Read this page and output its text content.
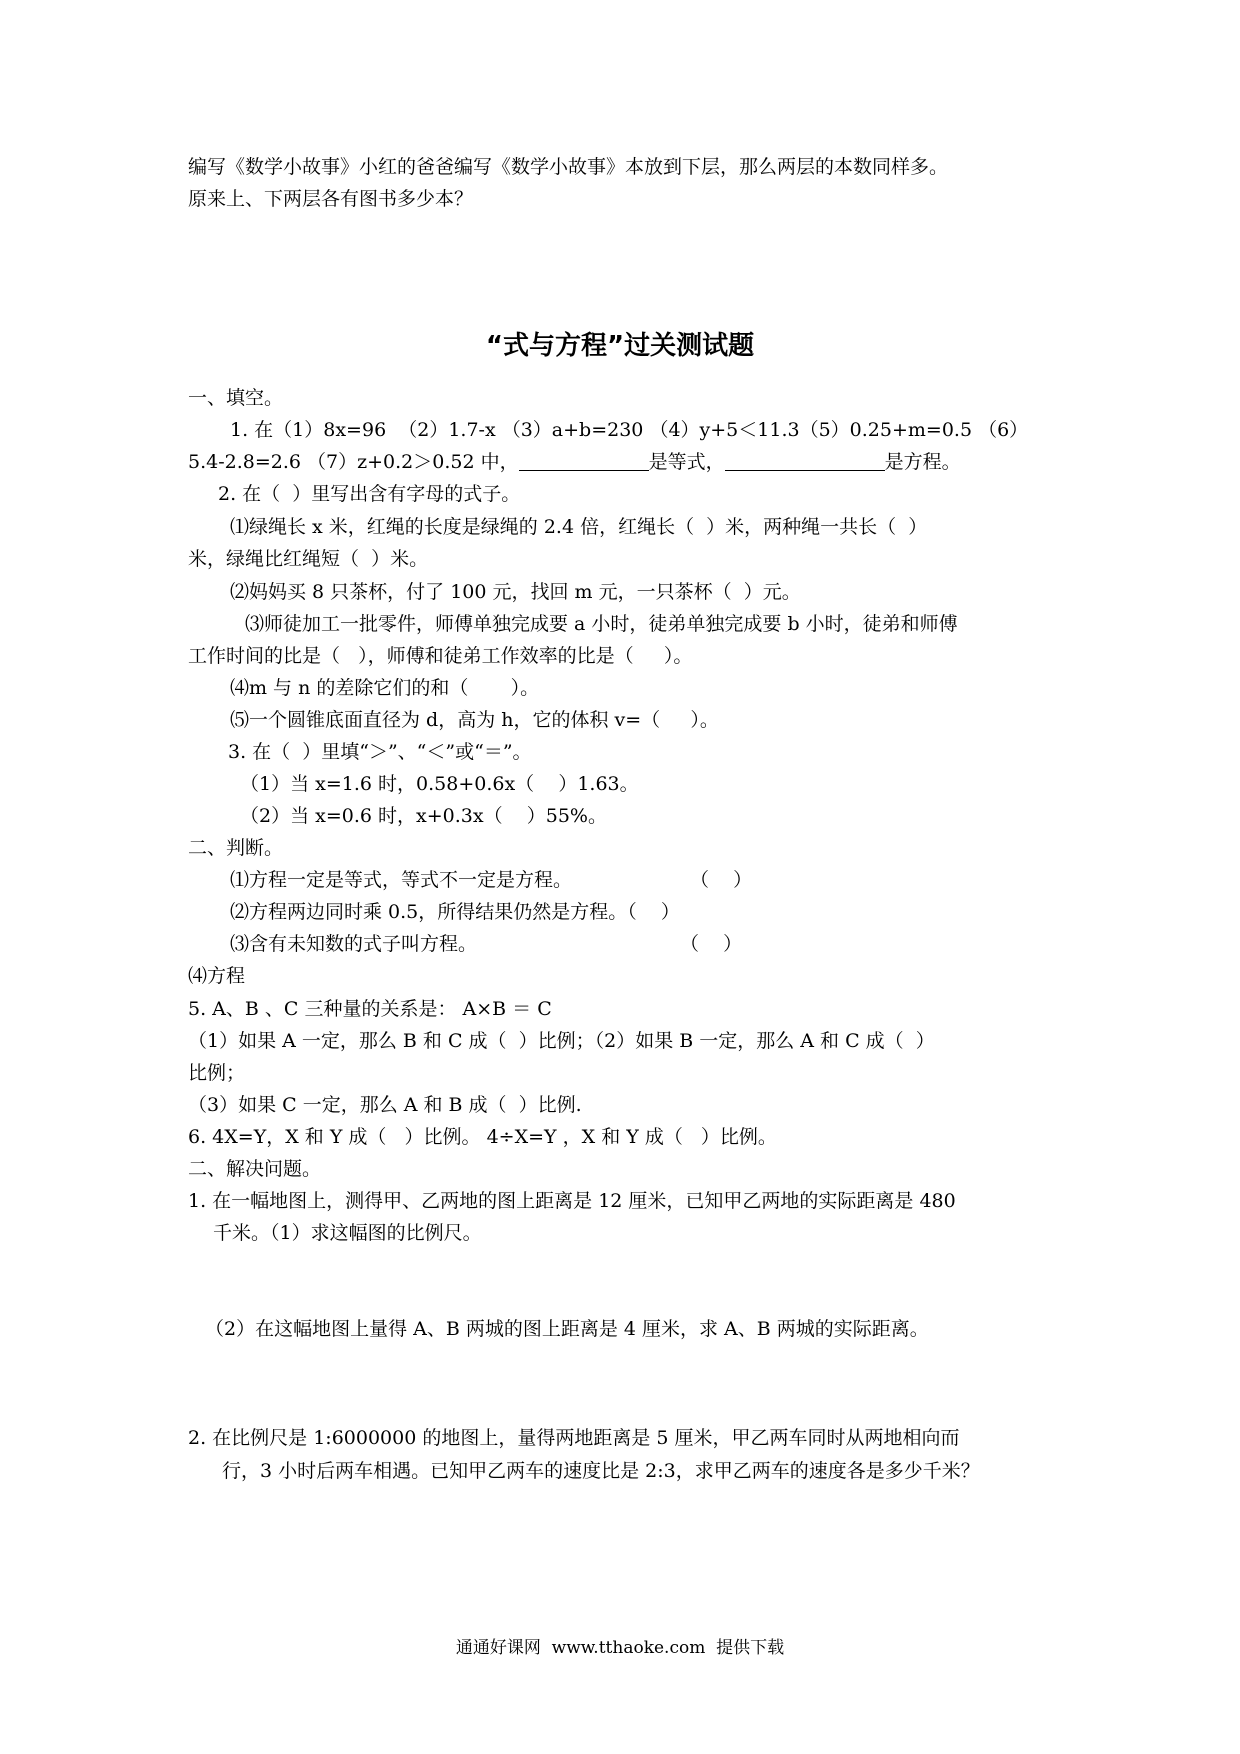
编写《数学小故事》小红的爸爸编写《数学小故事》本放到下层，那么两层的本数同样多。
原来上、下两层各有图书多少本？
“式与方程”过关测试题
一、填空。
1. 在（1）8x=96  （2）1.7-x （3）a+b=230 （4）y+5＜11.3（5）0.25+m=0.5 （6）
5.4-2.8=2.6 （7）z+0.2＞0.52 中，	是等式，	是方程。
2. 在（  ）里写出含有字母的式子。
⑴绿绳长 x 米，红绳的长度是绿绳的 2.4 倍，红绳长（  ）米，两种绳一共长（  ）
米，绿绳比红绳短（  ）米。
⑵妈妈买 8 只茶杯，付了 100 元，找回 m 元，一只茶杯（  ）元。
⑶师徒加工一批零件，师傅单独完成要 a 小时，徒弟单独完成要 b 小时，徒弟和师傅
工作时间的比是（   ），师傅和徒弟工作效率的比是（     ）。
⑷m 与 n 的差除它们的和（       ）。
⑸一个圆锥底面直径为 d，高为 h，它的体积 v=（     ）。
3. 在（  ）里填“＞”、“＜”或“＝”。
（1）当 x=1.6 时，0.58+0.6x（    ）1.63。
（2）当 x=0.6 时，x+0.3x（    ）55%。
二、判断。
⑴方程一定是等式，等式不一定是方程。	（    ）
⑵方程两边同时乘 0.5，所得结果仍然是方程。（    ）
⑶含有未知数的式子叫方程。	（    ）
⑷方程
5. A、B 、C 三种量的关系是： A×B ＝ C
（1）如果 A 一定，那么 B 和 C 成（  ）比例；（2）如果 B 一定，那么 A 和 C 成（  ）
比例；
（3）如果 C 一定，那么 A 和 B 成（  ）比例.
6. 4X=Y，X 和 Y 成（   ）比例。 4÷X=Y ，X 和 Y 成（   ）比例。
二、解决问题。
1. 在一幅地图上，测得甲、乙两地的图上距离是 12 厘米，已知甲乙两地的实际距离是 480
千米。（1）求这幅图的比例尺。
（2）在这幅地图上量得 A、B 两城的图上距离是 4 厘米，求 A、B 两城的实际距离。
2. 在比例尺是 1:6000000 的地图上，量得两地距离是 5 厘米，甲乙两车同时从两地相向而
行，3 小时后两车相遇。已知甲乙两车的速度比是 2:3，求甲乙两车的速度各是多少千米？
通通好课网  www.tthaoke.com  提供下载
